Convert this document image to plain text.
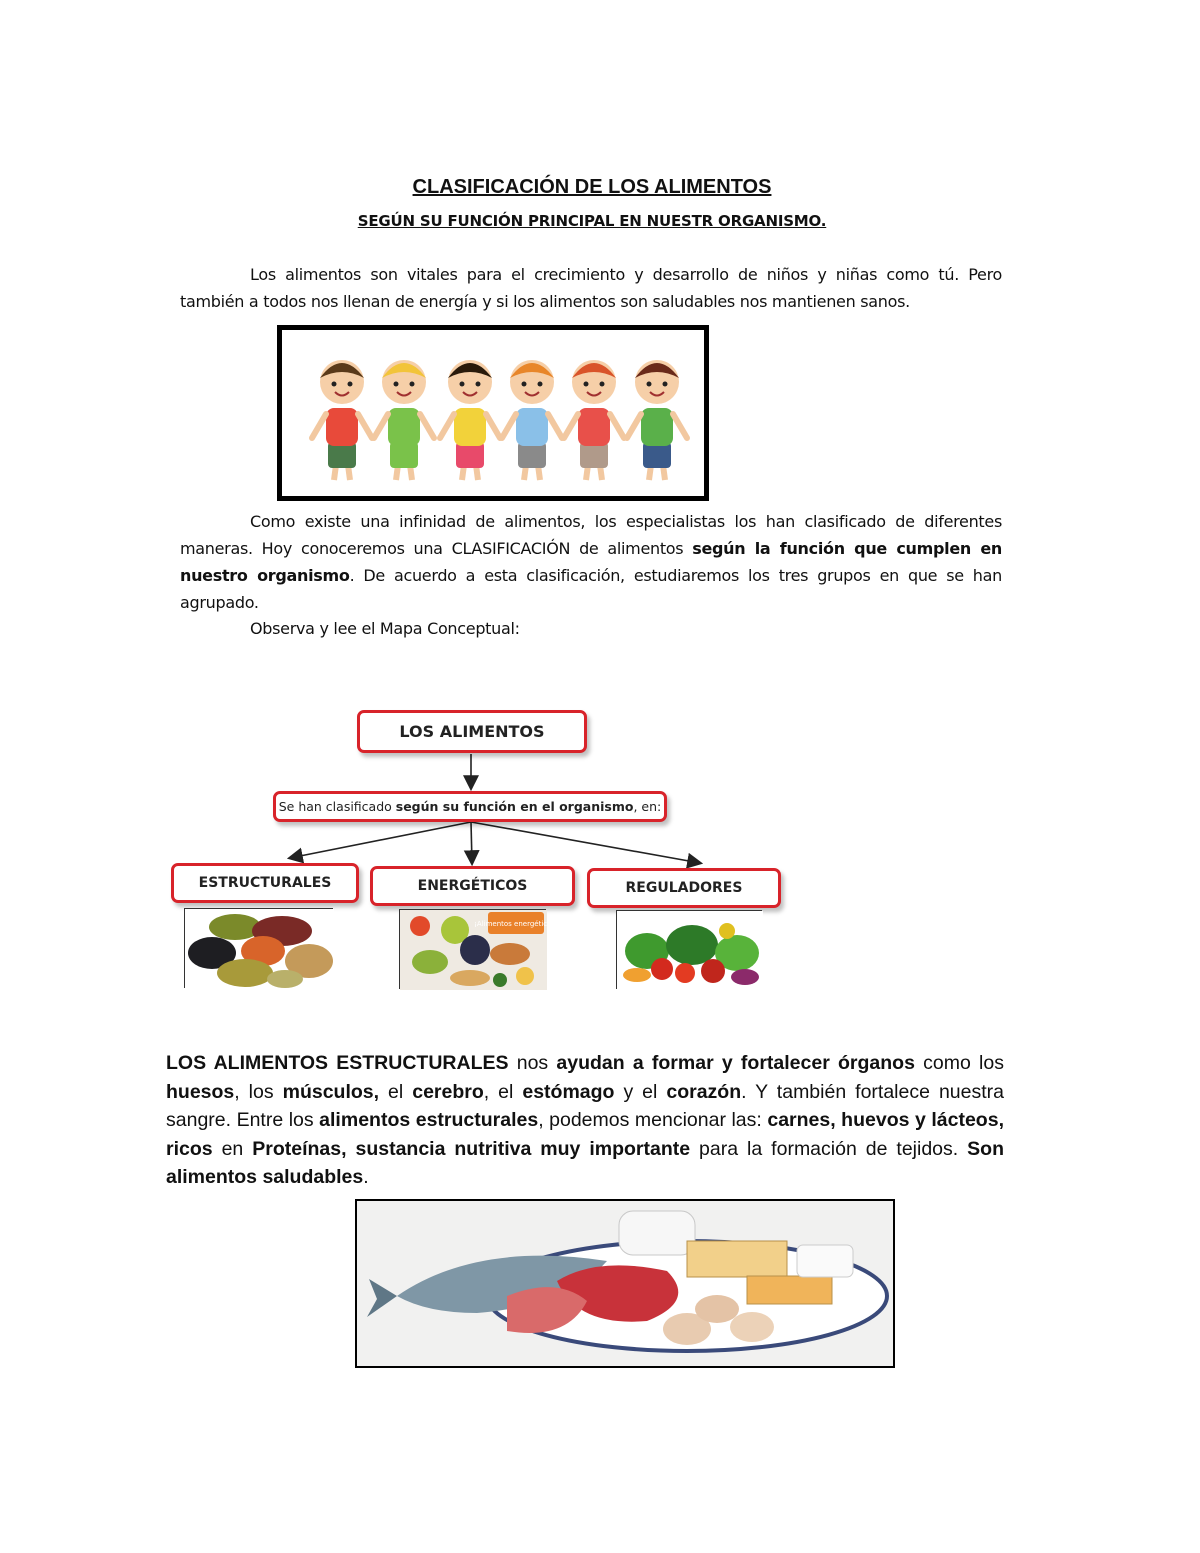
CLASIFICACIÓN DE LOS ALIMENTOS
SEGÚN SU FUNCIÓN PRINCIPAL EN NUESTR ORGANISMO.
Los alimentos son vitales para el crecimiento y desarrollo de niños y niñas como tú. Pero también a todos nos llenan de energía y si los alimentos son saludables nos mantienen sanos.
Como existe una infinidad de alimentos, los especialistas los han clasificado de diferentes maneras. Hoy conoceremos una CLASIFICACIÓN de alimentos según la función que cumplen en nuestro organismo. De acuerdo a esta clasificación, estudiaremos los tres grupos en que se han agrupado.
Observa y lee el Mapa Conceptual:
LOS ALIMENTOS
Se han clasificado según su función en el organismo, en:
ESTRUCTURALES	ENERGÉTICOS	REGULADORES
¡Alimentos energéticos!
LOS ALIMENTOS ESTRUCTURALES nos ayudan a formar y fortalecer órganos como los huesos, los músculos, el cerebro, el estómago y el corazón. Y también fortalece nuestra sangre. Entre los alimentos estructurales, podemos mencionar las: carnes, huevos y lácteos, ricos en Proteínas, sustancia nutritiva muy importante para la formación de tejidos. Son alimentos saludables.
